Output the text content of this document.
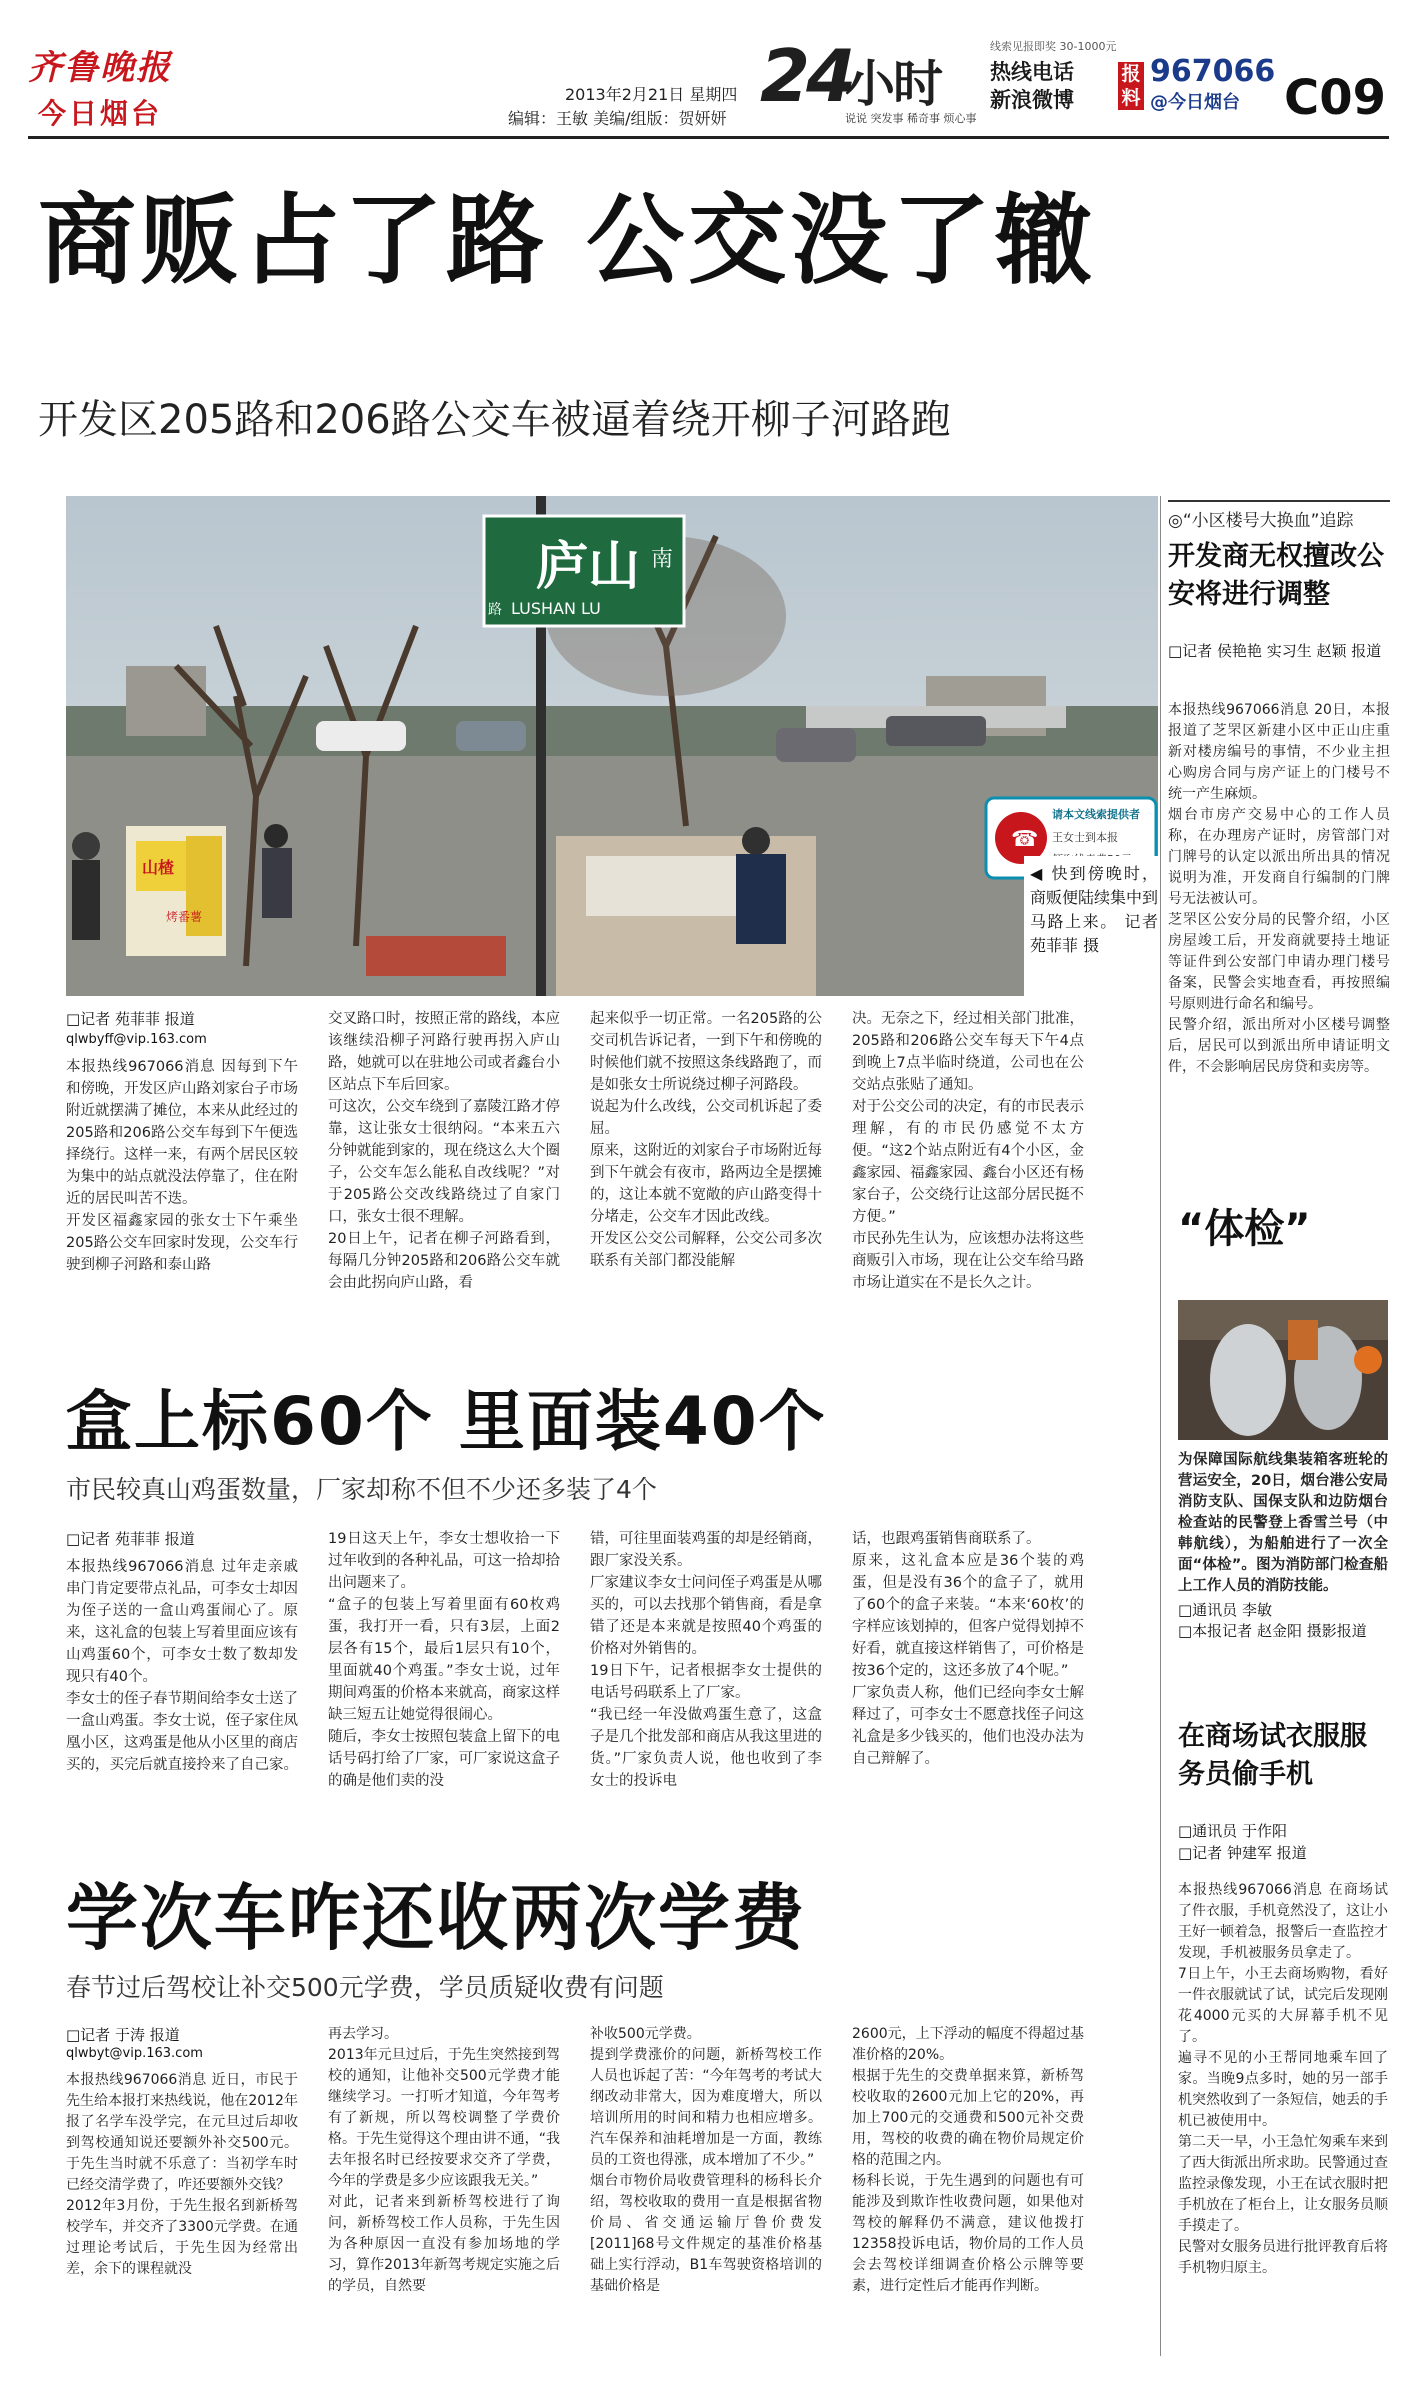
齐鲁晚报
今日烟台
2013年2月21日 星期四
编辑：王敏 美编/组版：贺妍妍
24
小时
说说 突发事 稀奇事 烦心事
线索见报即奖 30-1000元
热线电话
新浪微博
报料
967066
@今日烟台 C09
商贩占了路 公交没了辙
开发区205路和206路公交车被逼着绕开柳子河路跑
庐山 南
LUSHAN LU
路
山楂
烤番薯
☎
请本文线索提供者
王女士到本报
◀ 快到傍晚时，商贩便陆续集中到马路上来。 记者 苑菲菲 摄
□记者 苑菲菲 报道
qlwbyff@vip.163.com
本报热线967066消息 因每到下午和傍晚，开发区庐山路刘家台子市场附近就摆满了摊位，本来从此经过的205路和206路公交车每到下午便选择绕行。这样一来，有两个居民区较为集中的站点就没法停靠了，住在附近的居民叫苦不迭。
开发区福鑫家园的张女士下午乘坐205路公交车回家时发现，公交车行驶到柳子河路和泰山路
交叉路口时，按照正常的路线，本应该继续沿柳子河路行驶再拐入庐山路，她就可以在驻地公司或者鑫台小区站点下车后回家。
可这次，公交车绕到了嘉陵江路才停靠，这让张女士很纳闷。“本来五六分钟就能到家的，现在绕这么大个圈子，公交车怎么能私自改线呢？”对于205路公交改线路绕过了自家门口，张女士很不理解。
20日上午，记者在柳子河路看到，每隔几分钟205路和206路公交车就会由此拐向庐山路，看
起来似乎一切正常。一名205路的公交司机告诉记者，一到下午和傍晚的时候他们就不按照这条线路跑了，而是如张女士所说绕过柳子河路段。
说起为什么改线，公交司机诉起了委屈。
原来，这附近的刘家台子市场附近每到下午就会有夜市，路两边全是摆摊的，这让本就不宽敞的庐山路变得十分堵走，公交车才因此改线。
开发区公交公司解释，公交公司多次联系有关部门都没能解
决。无奈之下，经过相关部门批准，205路和206路公交车每天下午4点到晚上7点半临时绕道，公司也在公交站点张贴了通知。
对于公交公司的决定，有的市民表示理解，有的市民仍感觉不太方便。“这2个站点附近有4个小区，金鑫家园、福鑫家园、鑫台小区还有杨家台子，公交绕行让这部分居民挺不方便。”
市民孙先生认为，应该想办法将这些商贩引入市场，现在让公交车给马路市场让道实在不是长久之计。
盒上标60个 里面装40个
市民较真山鸡蛋数量，厂家却称不但不少还多装了4个
□记者 苑菲菲 报道
本报热线967066消息 过年走亲戚串门肯定要带点礼品，可李女士却因为侄子送的一盒山鸡蛋闹心了。原来，这礼盒的包装上写着里面应该有山鸡蛋60个，可李女士数了数却发现只有40个。
李女士的侄子春节期间给李女士送了一盒山鸡蛋。李女士说，侄子家住凤凰小区，这鸡蛋是他从小区里的商店买的，买完后就直接拎来了自己家。
19日这天上午，李女士想收拾一下过年收到的各种礼品，可这一拾却拾出问题来了。
“盒子的包装上写着里面有60枚鸡蛋，我打开一看，只有3层，上面2层各有15个，最后1层只有10个，里面就40个鸡蛋。”李女士说，过年期间鸡蛋的价格本来就高，商家这样缺三短五让她觉得很闹心。
随后，李女士按照包装盒上留下的电话号码打给了厂家，可厂家说这盒子的确是他们卖的没
错，可往里面装鸡蛋的却是经销商，跟厂家没关系。
厂家建议李女士问问侄子鸡蛋是从哪买的，可以去找那个销售商，看是拿错了还是本来就是按照40个鸡蛋的价格对外销售的。
19日下午，记者根据李女士提供的电话号码联系上了厂家。
“我已经一年没做鸡蛋生意了，这盒子是几个批发部和商店从我这里进的货。”厂家负责人说，他也收到了李女士的投诉电
话，也跟鸡蛋销售商联系了。
原来，这礼盒本应是36个装的鸡蛋，但是没有36个的盒子了，就用了60个的盒子来装。“本来‘60枚’的字样应该划掉的，但客户觉得划掉不好看，就直接这样销售了，可价格是按36个定的，这还多放了4个呢。”
厂家负责人称，他们已经向李女士解释过了，可李女士不愿意找侄子问这礼盒是多少钱买的，他们也没办法为自己辩解了。
学次车咋还收两次学费
春节过后驾校让补交500元学费，学员质疑收费有问题
□记者 于涛 报道
qlwbyt@vip.163.com
本报热线967066消息 近日，市民于先生给本报打来热线说，他在2012年报了名学车没学完，在元旦过后却收到驾校通知说还要额外补交500元。于先生当时就不乐意了：当初学车时已经交清学费了，咋还要额外交钱？
2012年3月份，于先生报名到新桥驾校学车，并交齐了3300元学费。在通过理论考试后，于先生因为经常出差，余下的课程就没
再去学习。
2013年元旦过后，于先生突然接到驾校的通知，让他补交500元学费才能继续学习。一打听才知道，今年驾考有了新规，所以驾校调整了学费价格。于先生觉得这个理由讲不通，“我去年报名时已经按要求交齐了学费，今年的学费是多少应该跟我无关。”
对此，记者来到新桥驾校进行了询问，新桥驾校工作人员称，于先生因为各种原因一直没有参加场地的学习，算作2013年新驾考规定实施之后的学员，自然要
补收500元学费。
提到学费涨价的问题，新桥驾校工作人员也诉起了苦：“今年驾考的考试大纲改动非常大，因为难度增大，所以培训所用的时间和精力也相应增多。汽车保养和油耗增加是一方面，教练员的工资也得涨，成本增加了不少。”
烟台市物价局收费管理科的杨科长介绍，驾校收取的费用一直是根据省物价局、省交通运输厅鲁价费发[2011]68号文件规定的基准价格基础上实行浮动，B1车驾驶资格培训的基础价格是
2600元，上下浮动的幅度不得超过基准价格的20%。
根据于先生的交费单据来算，新桥驾校收取的2600元加上它的20%，再加上700元的交通费和500元补交费用，驾校的收费的确在物价局规定价格的范围之内。
杨科长说，于先生遇到的问题也有可能涉及到欺诈性收费问题，如果他对驾校的解释仍不满意，建议他拨打12358投诉电话，物价局的工作人员会去驾校详细调查价格公示牌等要素，进行定性后才能再作判断。
◎“小区楼号大换血”追踪
开发商无权擅改公安将进行调整
□记者 侯艳艳 实习生 赵颖 报道
本报热线967066消息 20日，本报报道了芝罘区新建小区中正山庄重新对楼房编号的事情，不少业主担心购房合同与房产证上的门楼号不统一产生麻烦。
烟台市房产交易中心的工作人员称，在办理房产证时，房管部门对门牌号的认定以派出所出具的情况说明为准，开发商自行编制的门牌号无法被认可。
芝罘区公安分局的民警介绍，小区房屋竣工后，开发商就要持土地证等证件到公安部门申请办理门楼号备案，民警会实地查看，再按照编号原则进行命名和编号。
民警介绍，派出所对小区楼号调整后，居民可以到派出所申请证明文件，不会影响居民房贷和卖房等。
“体检”
为保障国际航线集装箱客班轮的营运安全，20日，烟台港公安局消防支队、国保支队和边防烟台检查站的民警登上香雪兰号（中韩航线），为船舶进行了一次全面“体检”。图为消防部门检查船上工作人员的消防技能。
□通讯员 李敏
□本报记者 赵金阳 摄影报道
在商场试衣服服务员偷手机
□通讯员 于作阳
□记者 钟建军 报道
本报热线967066消息 在商场试了件衣服，手机竟然没了，这让小王好一顿着急，报警后一查监控才发现，手机被服务员拿走了。
7日上午，小王去商场购物，看好一件衣服就试了试，试完后发现刚花4000元买的大屏幕手机不见了。
遍寻不见的小王帮同地乘车回了家。当晚9点多时，她的另一部手机突然收到了一条短信，她丢的手机已被使用中。
第二天一早，小王急忙匆乘车来到了西大街派出所求助。民警通过查监控录像发现，小王在试衣服时把手机放在了柜台上，让女服务员顺手摸走了。
民警对女服务员进行批评教育后将手机物归原主。
